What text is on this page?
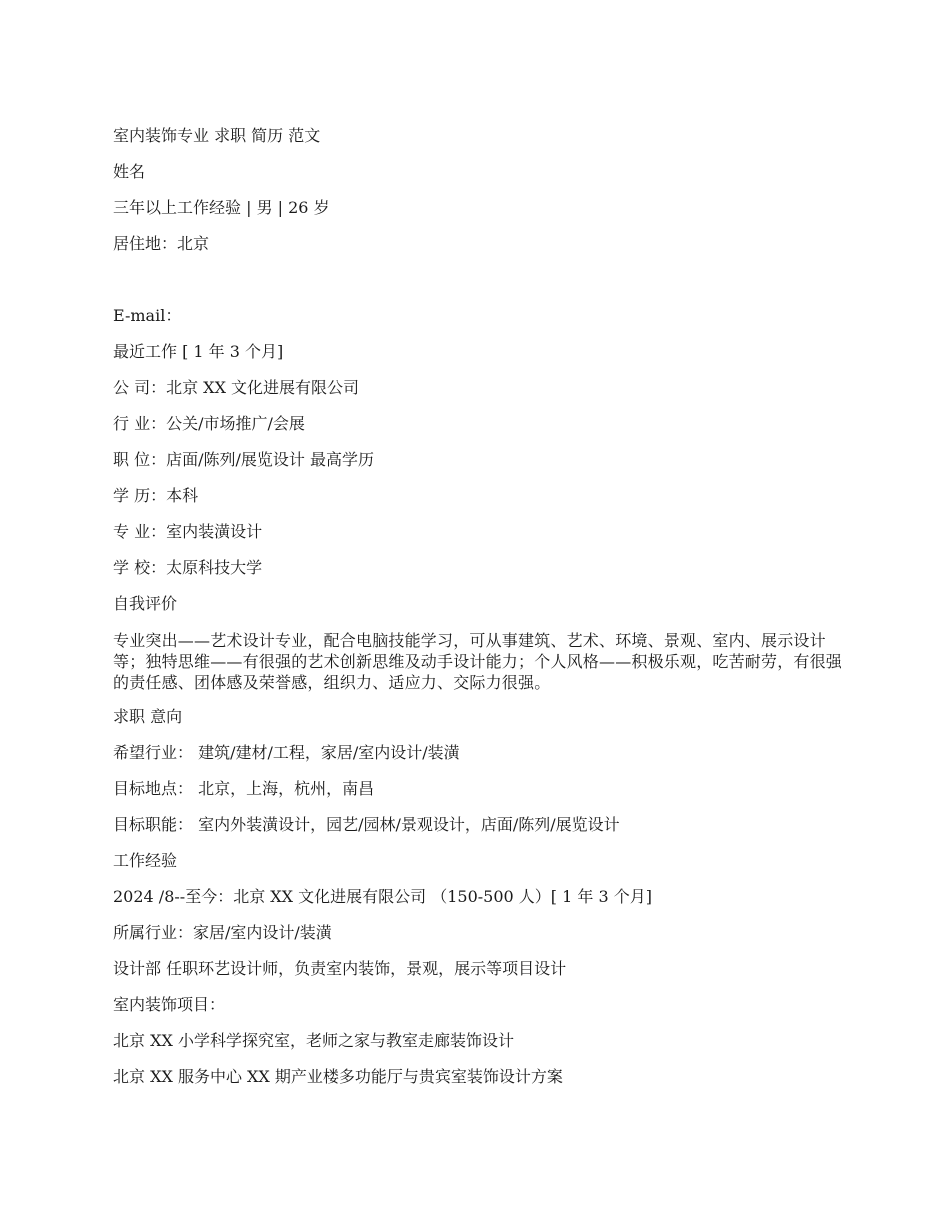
室内装饰专业 求职 简历 范文
姓名
三年以上工作经验 | 男 | 26 岁
居住地：北京
E-mail：
最近工作 [ 1 年 3 个月]
公 司：北京 XX 文化进展有限公司
行 业：公关/市场推广/会展
职 位：店面/陈列/展览设计 最高学历
学 历：本科
专 业：室内装潢设计
学 校：太原科技大学
自我评价
专业突出——艺术设计专业，配合电脑技能学习，可从事建筑、艺术、环境、景观、室内、展示设计等；独特思维——有很强的艺术创新思维及动手设计能力；个人风格——积极乐观，吃苦耐劳，有很强的责任感、团体感及荣誉感，组织力、适应力、交际力很强。
求职 意向
希望行业： 建筑/建材/工程，家居/室内设计/装潢
目标地点： 北京，上海，杭州，南昌
目标职能： 室内外装潢设计，园艺/园林/景观设计，店面/陈列/展览设计
工作经验
2024 /8--至今：北京 XX 文化进展有限公司 （150-500 人）[ 1 年 3 个月]
所属行业：家居/室内设计/装潢
设计部 任职环艺设计师，负责室内装饰，景观，展示等项目设计
室内装饰项目：
北京 XX 小学科学探究室，老师之家与教室走廊装饰设计
北京 XX 服务中心 XX 期产业楼多功能厅与贵宾室装饰设计方案
